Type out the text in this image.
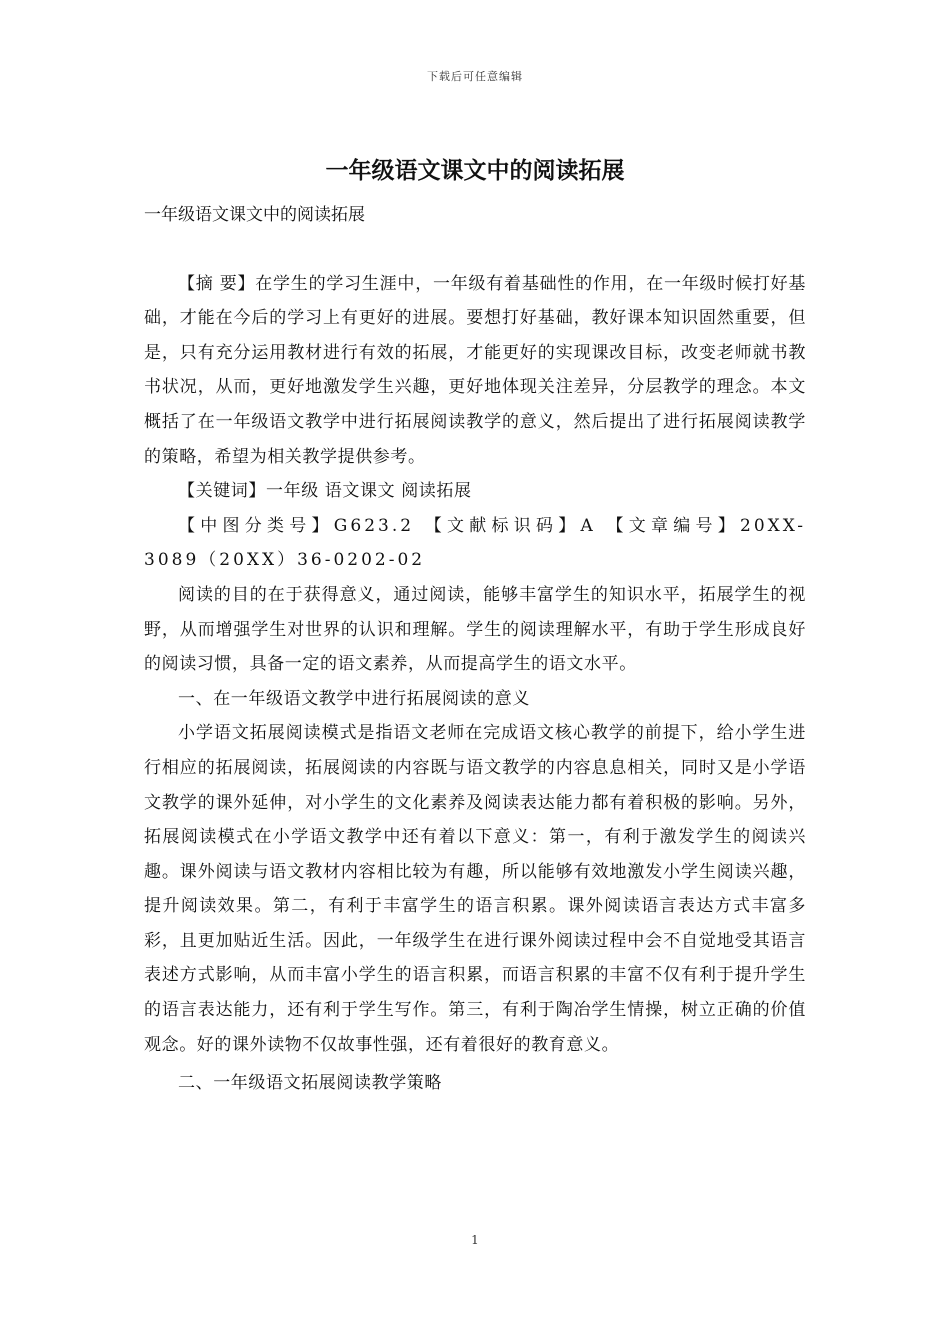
下载后可任意编辑
一年级语文课文中的阅读拓展
一年级语文课文中的阅读拓展

【摘 要】在学生的学习生涯中，一年级有着基础性的作用，在一年级时候打好基础，才能在今后的学习上有更好的进展。要想打好基础，教好课本知识固然重要，但是，只有充分运用教材进行有效的拓展，才能更好的实现课改目标，改变老师就书教书状况，从而，更好地激发学生兴趣，更好地体现关注差异，分层教学的理念。本文概括了在一年级语文教学中进行拓展阅读教学的意义，然后提出了进行拓展阅读教学的策略，希望为相关教学提供参考。

【关键词】一年级 语文课文 阅读拓展

【中图分类号】G623.2 【文献标识码】A 【文章编号】20XX-3089（20XX）36-0202-02

阅读的目的在于获得意义，通过阅读，能够丰富学生的知识水平，拓展学生的视野，从而增强学生对世界的认识和理解。学生的阅读理解水平，有助于学生形成良好的阅读习惯，具备一定的语文素养，从而提高学生的语文水平。

一、在一年级语文教学中进行拓展阅读的意义

小学语文拓展阅读模式是指语文老师在完成语文核心教学的前提下，给小学生进行相应的拓展阅读，拓展阅读的内容既与语文教学的内容息息相关，同时又是小学语文教学的课外延伸，对小学生的文化素养及阅读表达能力都有着积极的影响。另外，拓展阅读模式在小学语文教学中还有着以下意义：第一，有利于激发学生的阅读兴趣。课外阅读与语文教材内容相比较为有趣，所以能够有效地激发小学生阅读兴趣，提升阅读效果。第二，有利于丰富学生的语言积累。课外阅读语言表达方式丰富多彩，且更加贴近生活。因此，一年级学生在进行课外阅读过程中会不自觉地受其语言表述方式影响，从而丰富小学生的语言积累，而语言积累的丰富不仅有利于提升学生的语言表达能力，还有利于学生写作。第三，有利于陶冶学生情操，树立正确的价值观念。好的课外读物不仅故事性强，还有着很好的教育意义。

二、一年级语文拓展阅读教学策略

1
